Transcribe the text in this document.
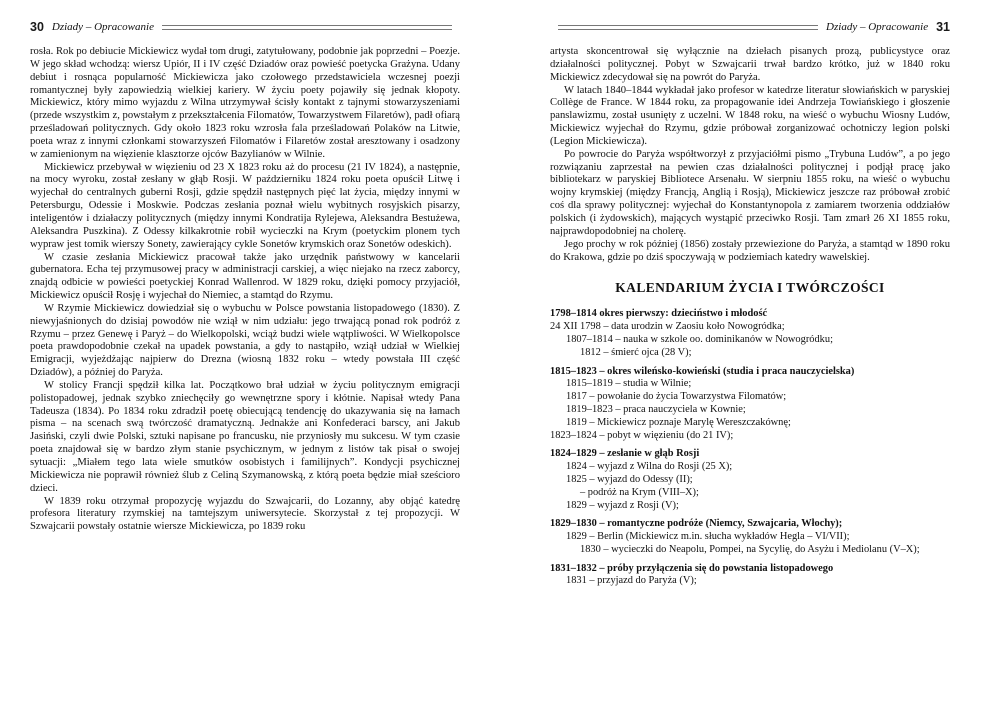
30 Dziady – Opracowanie

rosła. Rok po debiucie Mickiewicz wydał tom drugi, zatytułowany, podobnie jak poprzedni – Poezje. W jego skład wchodzą: wiersz Upiór, II i IV część Dziadów oraz powieść poetycka Grażyna. Udany debiut i rosnąca popularność Mickiewicza jako czołowego przedstawiciela wczesnej poezji romantycznej były zapowiedzią wielkiej kariery. W życiu poety pojawiły się jednak kłopoty. Mickiewicz, który mimo wyjazdu z Wilna utrzymywał ścisły kontakt z tajnymi stowarzyszeniami (przede wszystkim z, powstałym z przekształcenia Filomatów, Towarzystwem Filaretów), padł ofiarą prześladowań politycznych. Gdy około 1823 roku wzrosła fala prześladowań Polaków na Litwie, poeta wraz z innymi członkami stowarzyszeń Filomatów i Filaretów został aresztowany i osadzony w zamienionym na więzienie klasztorze ojców Bazylianów w Wilnie.

Mickiewicz przebywał w więzieniu od 23 X 1823 roku aż do procesu (21 IV 1824), a następnie, na mocy wyroku, został zesłany w głąb Rosji. W październiku 1824 roku poeta opuścił Litwę i wyjechał do centralnych guberni Rosji, gdzie spędził następnych pięć lat życia, między innymi w Petersburgu, Odessie i Moskwie. Podczas zesłania poznał wielu wybitnych rosyjskich pisarzy, inteligentów i działaczy politycznych (między innymi Kondratija Rylejewa, Aleksandra Bestużewa, Aleksandra Puszkina). Z Odessy kilkakrotnie robił wycieczki na Krym (poetyckim plonem tych wypraw jest tomik wierszy Sonety, zawierający cykle Sonetów krymskich oraz Sonetów odeskich).

W czasie zesłania Mickiewicz pracował także jako urzędnik państwowy w kancelarii gubernatora. Echa tej przymusowej pracy w administracji carskiej, a więc niejako na rzecz zaborcy, znajdą odbicie w powieści poetyckiej Konrad Wallenrod. W 1829 roku, dzięki pomocy przyjaciół, Mickiewicz opuścił Rosję i wyjechał do Niemiec, a stamtąd do Rzymu.

W Rzymie Mickiewicz dowiedział się o wybuchu w Polsce powstania listopadowego (1830). Z niewyjaśnionych do dzisiaj powodów nie wziął w nim udziału: jego trwającą ponad rok podróż z Rzymu – przez Genewę i Paryż – do Wielkopolski, wciąż budzi wiele wątpliwości. W Wielkopolsce poeta prawdopodobnie czekał na upadek powstania, a gdy to nastąpiło, wziął udział w Wielkiej Emigracji, wyjeżdżając najpierw do Drezna (wiosną 1832 roku – wtedy powstała III część Dziadów), a później do Paryża.

W stolicy Francji spędził kilka lat. Początkowo brał udział w życiu politycznym emigracji polistopadowej, jednak szybko zniechęciły go wewnętrzne spory i kłótnie. Napisał wtedy Pana Tadeusza (1834). Po 1834 roku zdradził poetę obiecującą tendencję do ukazywania się na łamach pisma – na scenach swą twórczość dramatyczną. Jednakże ani Konfederaci barscy, ani Jakub Jasiński, czyli dwie Polski, sztuki napisane po francusku, nie przyniosły mu sukcesu. W tym czasie poeta znajdował się w bardzo złym stanie psychicznym, w jednym z listów tak pisał o swojej sytuacji: „Miałem tego lata wiele smutków osobistych i familijnych”. Kondycji psychicznej Mickiewicza nie poprawił również ślub z Celiną Szymanowską, z którą poeta będzie miał sześcioro dzieci.

W 1839 roku otrzymał propozycję wyjazdu do Szwajcarii, do Lozanny, aby objąć katedrę profesora literatury rzymskiej na tamtejszym uniwersytecie. Skorzystał z tej propozycji. W Szwajcarii powstały ostatnie wiersze Mickiewicza, po 1839 roku

Dziady – Opracowanie 31

artysta skoncentrował się wyłącznie na dziełach pisanych prozą, publicystyce oraz działalności politycznej. Pobyt w Szwajcarii trwał bardzo krótko, już w 1840 roku Mickiewicz zdecydował się na powrót do Paryża.

W latach 1840–1844 wykładał jako profesor w katedrze literatur słowiańskich w paryskiej Collège de France. W 1844 roku, za propagowanie idei Andrzeja Towiańskiego i głoszenie panslawizmu, został usunięty z uczelni. W 1848 roku, na wieść o wybuchu Wiosny Ludów, Mickiewicz wyjechał do Rzymu, gdzie próbował zorganizować ochotniczy legion polski (Legion Mickiewicza).

Po powrocie do Paryża współtworzył z przyjaciółmi pismo „Trybuna Ludów”, a po jego rozwiązaniu zaprzestał na pewien czas działalności politycznej i podjął pracę jako bibliotekarz w paryskiej Bibliotece Arsenału. W sierpniu 1855 roku, na wieść o wybuchu wojny krymskiej (między Francją, Anglią i Rosją), Mickiewicz jeszcze raz próbował zrobić coś dla sprawy politycznej: wyjechał do Konstantynopola z zamiarem tworzenia oddziałów polskich (i żydowskich), mających wystąpić przeciwko Rosji. Tam zmarł 26 XI 1855 roku, najprawdopodobniej na cholerę.

Jego prochy w rok później (1856) zostały przewiezione do Paryża, a stamtąd w 1890 roku do Krakowa, gdzie po dziś spoczywają w podziemiach katedry wawelskiej.

KALENDARIUM ŻYCIA I TWÓRCZOŚCI
1798–1814 okres pierwszy: dzieciństwo i młodość
24 XII 1798 – data urodzin w Zaosiu koło Nowogródka;
1807–1814 – nauka w szkole oo. dominikanów w Nowogródku;
1812 – śmierć ojca (28 V);
1815–1823 – okres wileńsko-kowieński (studia i praca nauczycielska)
1815–1819 – studia w Wilnie;
1817 – powołanie do życia Towarzystwa Filomatów;
1819–1823 – praca nauczyciela w Kownie;
1819 – Mickiewicz poznaje Marylę Wereszczakównę;
1823–1824 – pobyt w więzieniu (do 21 IV);
1824–1829 – zesłanie w głąb Rosji
1824 – wyjazd z Wilna do Rosji (25 X);
1825 – wyjazd do Odessy (II);
– podróż na Krym (VIII–X);
1829 – wyjazd z Rosji (V);
1829–1830 – romantyczne podróże (Niemcy, Szwajcaria, Włochy);
1829 – Berlin (Mickiewicz m.in. słucha wykładów Hegla – VI/VII);
1830 – wycieczki do Neapolu, Pompei, na Sycylię, do Asyżu i Mediolanu (V–X);
1831–1832 – próby przyłączenia się do powstania listopadowego
1831 – przyjazd do Paryża (V);
